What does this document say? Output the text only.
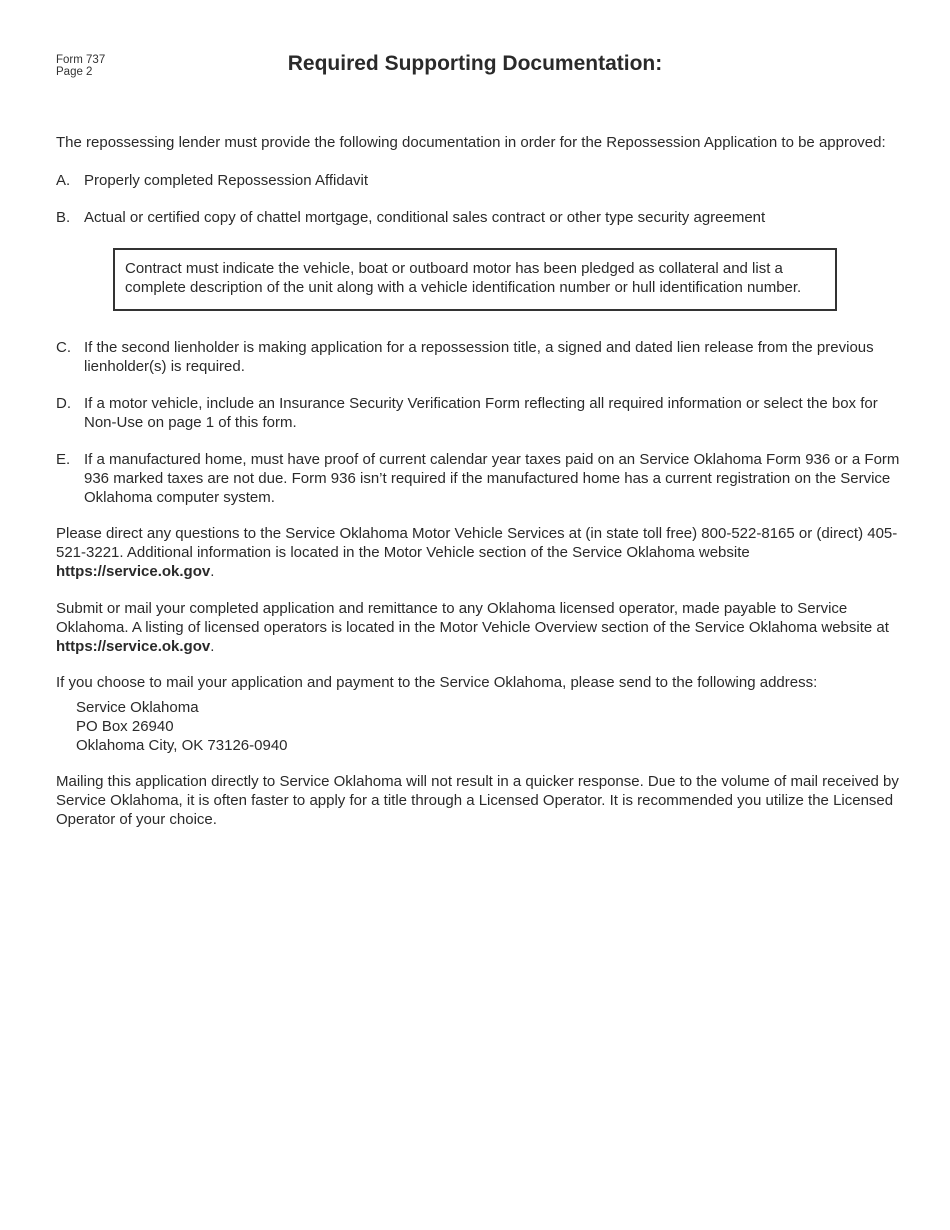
Form 737
Page 2	Required Supporting Documentation:
The repossessing lender must provide the following documentation in order for the Repossession Application to be approved:
A. Properly completed Repossession Affidavit
B. Actual or certified copy of chattel mortgage, conditional sales contract or other type security agreement
Contract must indicate the vehicle, boat or outboard motor has been pledged as collateral and list a complete description of the unit along with a vehicle identification number or hull identification number.
C. If the second lienholder is making application for a repossession title, a signed and dated lien release from the previous lienholder(s) is required.
D. If a motor vehicle, include an Insurance Security Verification Form reflecting all required information or select the box for Non-Use on page 1 of this form.
E. If a manufactured home, must have proof of current calendar year taxes paid on an Service Oklahoma Form 936 or a Form 936 marked taxes are not due. Form 936 isn’t required if the manufactured home has a current registration on the Service Oklahoma computer system.
Please direct any questions to the Service Oklahoma Motor Vehicle Services at (in state toll free) 800-522-8165 or (direct) 405-521-3221. Additional information is located in the Motor Vehicle section of the Service Oklahoma website https://service.ok.gov.
Submit or mail your completed application and remittance to any Oklahoma licensed operator, made payable to Service Oklahoma. A listing of licensed operators is located in the Motor Vehicle Overview section of the Service Oklahoma website at https://service.ok.gov.
If you choose to mail your application and payment to the Service Oklahoma, please send to the following address:
Service Oklahoma
PO Box 26940
Oklahoma City, OK 73126-0940
Mailing this application directly to Service Oklahoma will not result in a quicker response. Due to the volume of mail received by Service Oklahoma, it is often faster to apply for a title through a Licensed Operator. It is recommended you utilize the Licensed Operator of your choice.
